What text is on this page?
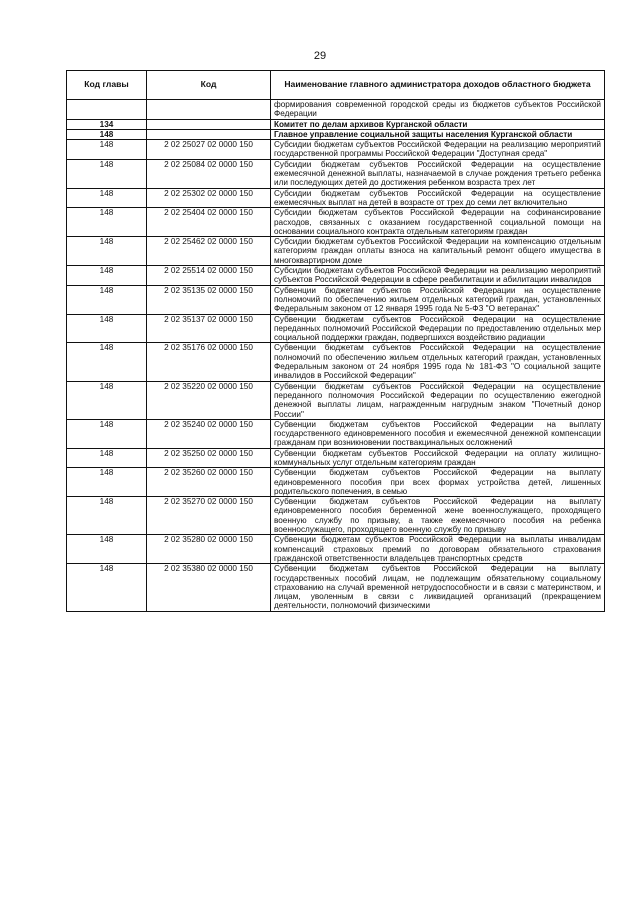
29
Код главы	Код	Наименование главного администратора доходов областного бюджета
		формирования современной городской среды из бюджетов субъектов Российской Федерации
134		Комитет по делам архивов Курганской области
148		Главное управление социальной защиты населения Курганской области
148	2 02 25027 02 0000 150	Субсидии бюджетам субъектов Российской Федерации на реализацию мероприятий государственной программы Российской Федерации "Доступная среда"
148	2 02 25084 02 0000 150	Субсидии бюджетам субъектов Российской Федерации на осуществление ежемесячной денежной выплаты, назначаемой в случае рождения третьего ребенка или последующих детей до достижения ребенком возраста трех лет
148	2 02 25302 02 0000 150	Субсидии бюджетам субъектов Российской Федерации на осуществление ежемесячных выплат на детей в возрасте от трех до семи лет включительно
148	2 02 25404 02 0000 150	Субсидии бюджетам субъектов Российской Федерации на софинансирование расходов, связанных с оказанием государственной социальной помощи на основании социального контракта отдельным категориям граждан
148	2 02 25462 02 0000 150	Субсидии бюджетам субъектов Российской Федерации на компенсацию отдельным категориям граждан оплаты взноса на капитальный ремонт общего имущества в многоквартирном доме
148	2 02 25514 02 0000 150	Субсидии бюджетам субъектов Российской Федерации на реализацию мероприятий субъектов Российской Федерации в сфере реабилитации и абилитации инвалидов
148	2 02 35135 02 0000 150	Субвенции бюджетам субъектов Российской Федерации на осуществление полномочий по обеспечению жильем отдельных категорий граждан, установленных Федеральным законом от 12 января 1995 года № 5-ФЗ "О ветеранах"
148	2 02 35137 02 0000 150	Субвенции бюджетам субъектов Российской Федерации на осуществление переданных полномочий Российской Федерации по предоставлению отдельных мер социальной поддержки граждан, подвергшихся воздействию радиации
148	2 02 35176 02 0000 150	Субвенции бюджетам субъектов Российской Федерации на осуществление полномочий по обеспечению жильем отдельных категорий граждан, установленных Федеральным законом от 24 ноября 1995 года № 181-ФЗ "О социальной защите инвалидов в Российской Федерации"
148	2 02 35220 02 0000 150	Субвенции бюджетам субъектов Российской Федерации на осуществление переданного полномочия Российской Федерации по осуществлению ежегодной денежной выплаты лицам, награжденным нагрудным знаком "Почетный донор России"
148	2 02 35240 02 0000 150	Субвенции бюджетам субъектов Российской Федерации на выплату государственного единовременного пособия и ежемесячной денежной компенсации гражданам при возникновении поствакцинальных осложнений
148	2 02 35250 02 0000 150	Субвенции бюджетам субъектов Российской Федерации на оплату жилищно-коммунальных услуг отдельным категориям граждан
148	2 02 35260 02 0000 150	Субвенции бюджетам субъектов Российской Федерации на выплату единовременного пособия при всех формах устройства детей, лишенных родительского попечения, в семью
148	2 02 35270 02 0000 150	Субвенции бюджетам субъектов Российской Федерации на выплату единовременного пособия беременной жене военнослужащего, проходящего военную службу по призыву, а также ежемесячного пособия на ребенка военнослужащего, проходящего военную службу по призыву
148	2 02 35280 02 0000 150	Субвенции бюджетам субъектов Российской Федерации на выплаты инвалидам компенсаций страховых премий по договорам обязательного страхования гражданской ответственности владельцев транспортных средств
148	2 02 35380 02 0000 150	Субвенции бюджетам субъектов Российской Федерации на выплату государственных пособий лицам, не подлежащим обязательному социальному страхованию на случай временной нетрудоспособности и в связи с материнством, и лицам, уволенным в связи с ликвидацией организаций (прекращением деятельности, полномочий физическими
